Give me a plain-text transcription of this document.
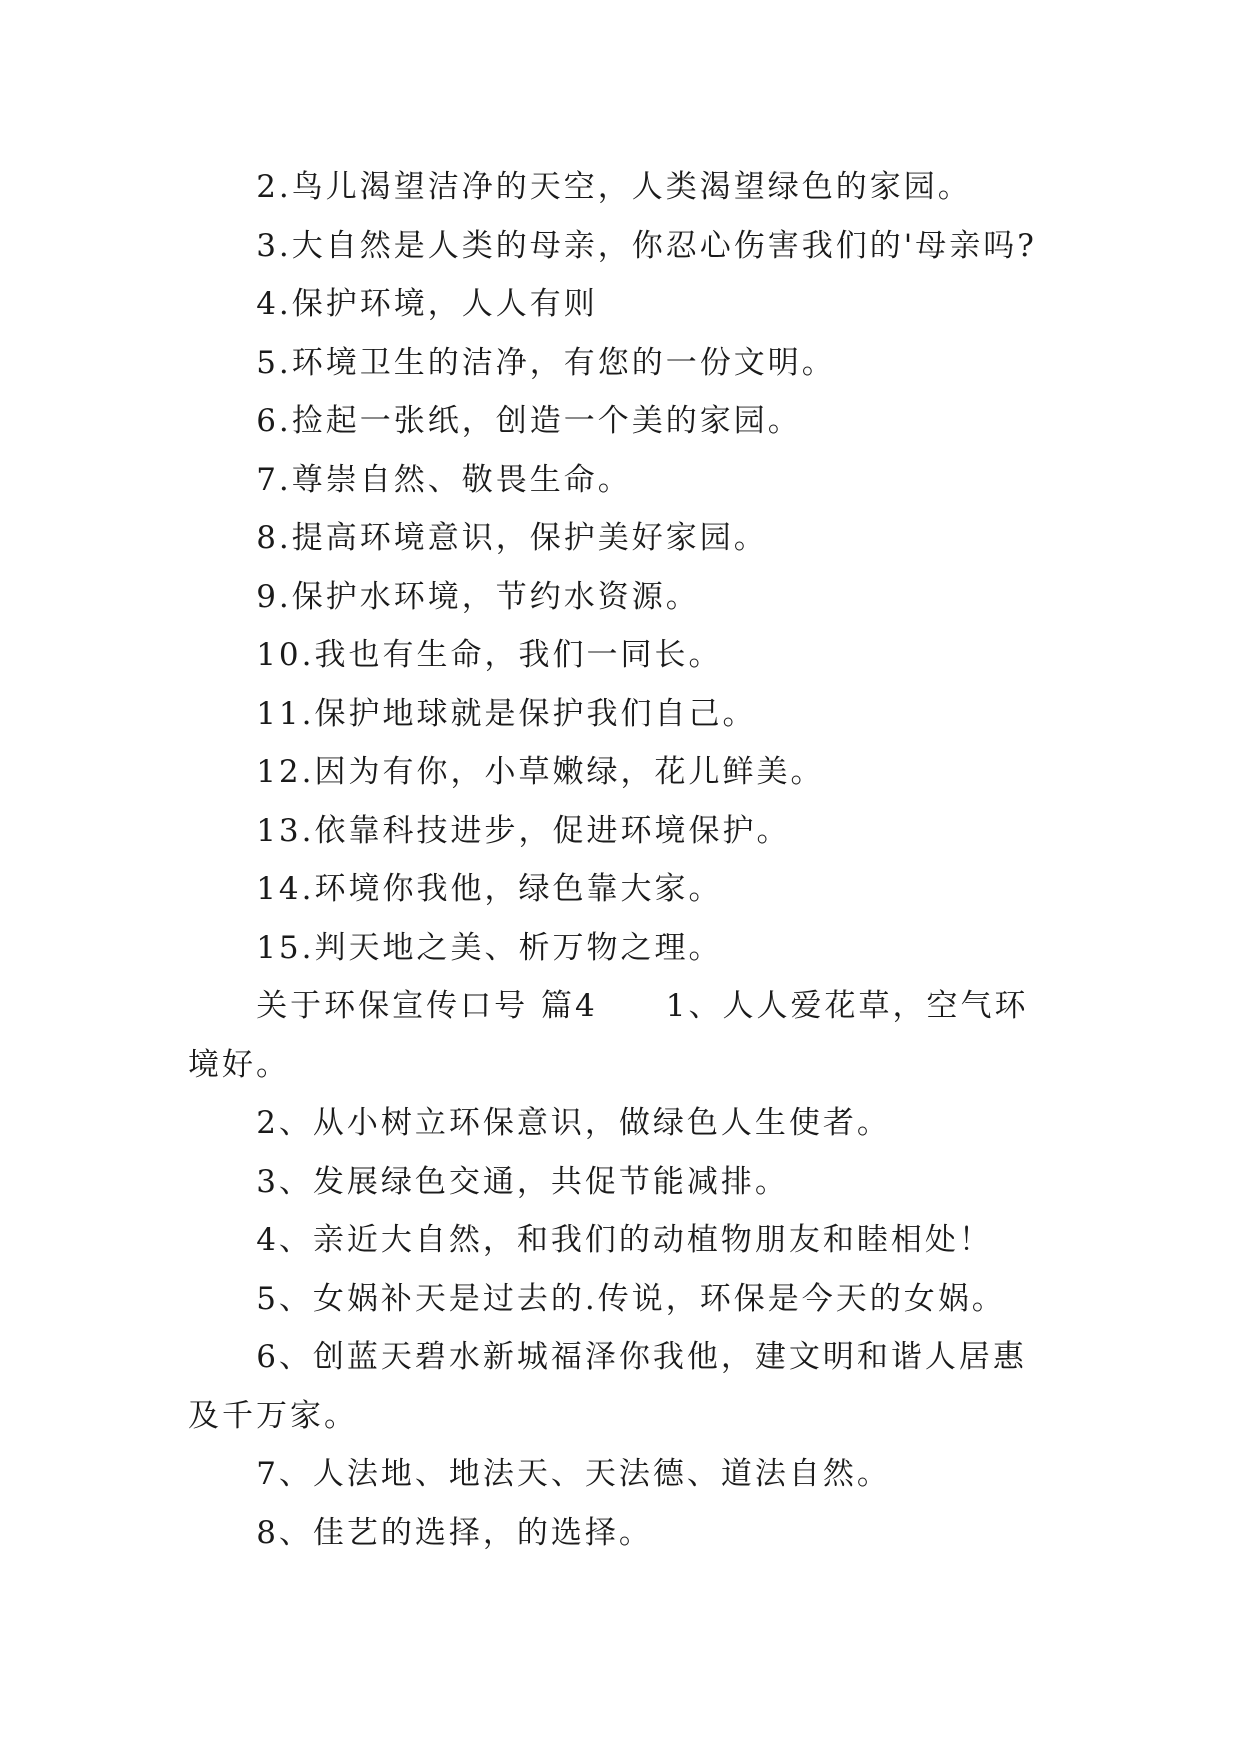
2.鸟儿渴望洁净的天空，人类渴望绿色的家园。

3.大自然是人类的母亲，你忍心伤害我们的'母亲吗?

4.保护环境，人人有则

5.环境卫生的洁净，有您的一份文明。

6.捡起一张纸，创造一个美的家园。

7.尊崇自然、敬畏生命。

8.提高环境意识，保护美好家园。

9.保护水环境，节约水资源。

10.我也有生命，我们一同长。

11.保护地球就是保护我们自己。

12.因为有你，小草嫩绿，花儿鲜美。

13.依靠科技进步，促进环境保护。

14.环境你我他，绿色靠大家。

15.判天地之美、析万物之理。

关于环保宣传口号 篇4　　1、人人爱花草，空气环境好。

2、从小树立环保意识，做绿色人生使者。

3、发展绿色交通，共促节能减排。

4、亲近大自然，和我们的动植物朋友和睦相处！

5、女娲补天是过去的.传说，环保是今天的女娲。

6、创蓝天碧水新城福泽你我他，建文明和谐人居惠及千万家。

7、人法地、地法天、天法德、道法自然。

8、佳艺的选择，的选择。
